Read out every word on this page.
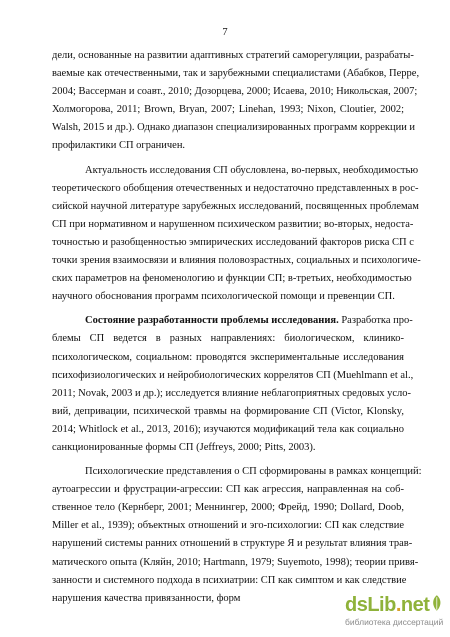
7
дели, основанные на развитии адаптивных стратегий саморегуляции, разрабаты-
ваемые как отечественными, так и зарубежными специалистами (Абабков, Перре,
2004; Вассерман и соавт., 2010; Дозорцева, 2000; Исаева, 2010; Никольская, 2007;
Холмогорова, 2011; Brown, Bryan, 2007; Linehan, 1993; Nixon, Cloutier, 2002;
Walsh, 2015 и др.). Однако диапазон специализированных программ коррекции и
профилактики СП ограничен.
Актуальность исследования СП обусловлена, во-первых, необходимостью
теоретического обобщения отечественных и недостаточно представленных в рос-
сийской научной литературе зарубежных исследований, посвященных проблемам
СП при нормативном и нарушенном психическом развитии; во-вторых, недоста-
точностью и разобщенностью эмпирических исследований факторов риска СП с
точки зрения взаимосвязи и влияния половозрастных, социальных и психологиче-
ских параметров на феноменологию и функции СП; в-третьих, необходимостью
научного обоснования программ психологической помощи и превенции СП.
Состояние разработанности проблемы исследования. Разработка про-
блемы СП ведется в разных направлениях: биологическом, клинико-
психологическом, социальном: проводятся экспериментальные исследования
психофизиологических и нейробиологических коррелятов СП (Muehlmann et al.,
2011; Novak, 2003 и др.); исследуется влияние неблагоприятных средовых усло-
вий, депривации, психической травмы на формирование СП (Victor, Klonsky,
2014; Whitlock et al., 2013, 2016); изучаются модификаций тела как социально
санкционированные формы СП (Jeffreys, 2000; Pitts, 2003).
Психологические представления о СП сформированы в рамках концепций:
аутоагрессии и фрустрации-агрессии: СП как агрессия, направленная на соб-
ственное тело (Кернберг, 2001; Меннингер, 2000; Фрейд, 1990; Dollard, Doob,
Miller et al., 1939); объектных отношений и эго-психологии: СП как следствие
нарушений системы ранних отношений в структуре Я и результат влияния трав-
матического опыта (Кляйн, 2010; Hartmann, 1979; Suyemoto, 1998); теории привя-
занности и системного подхода в психиатрии: СП как симптом и как следствие
нарушения качества привязанности, форм	dsLib.net
библиотека диссертаций
